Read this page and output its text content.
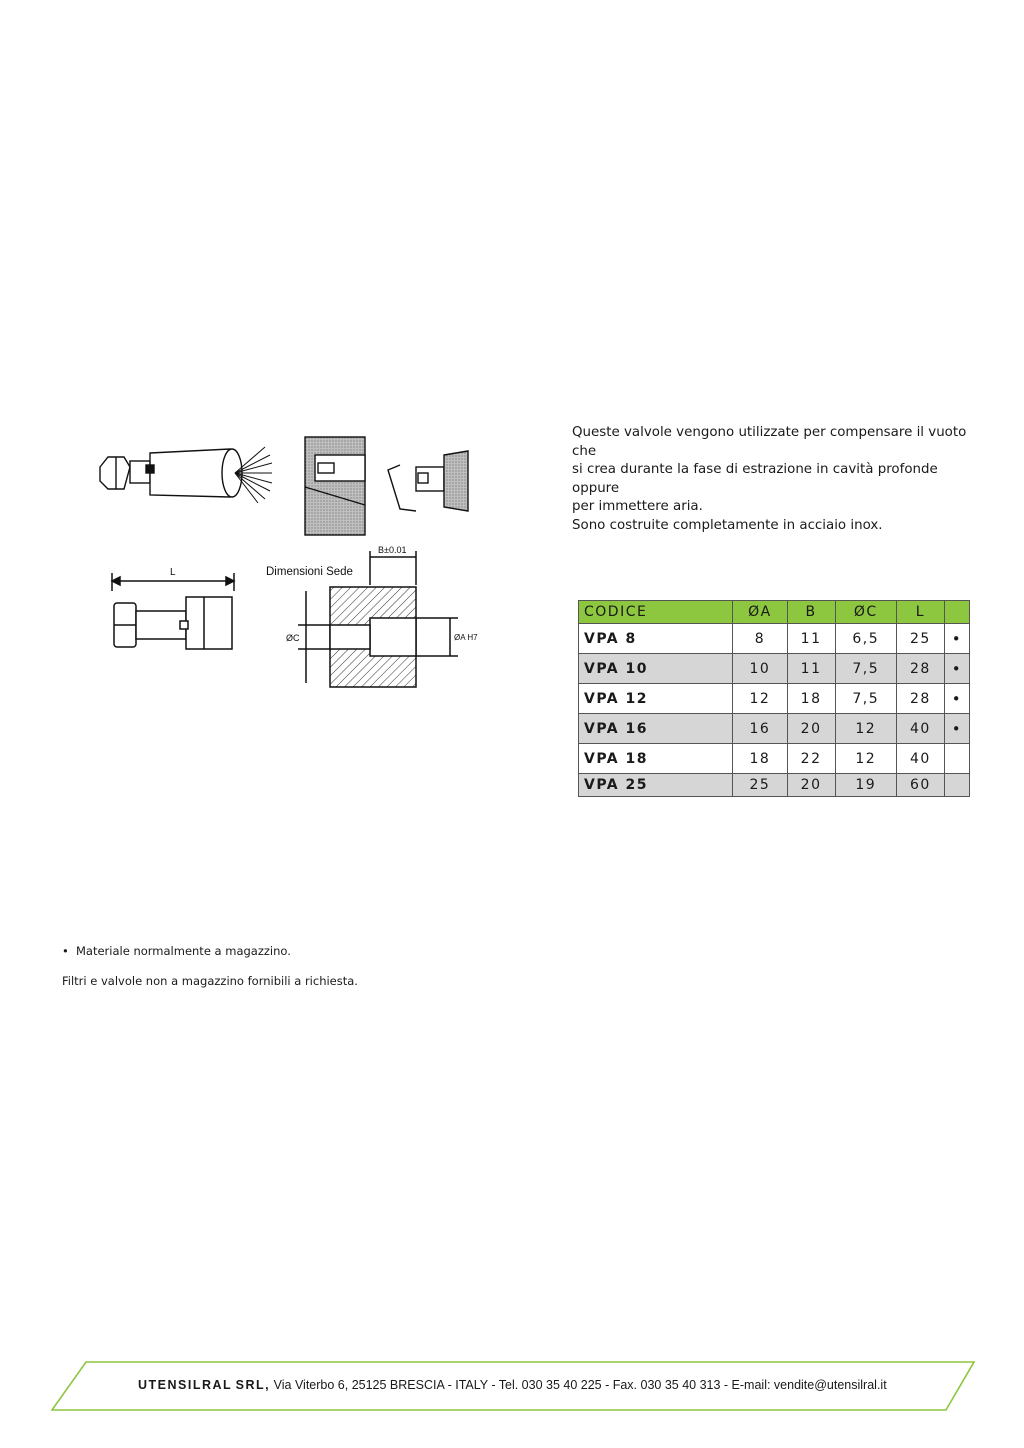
L	Dimensioni Sede
B±0.01
ØC	ØA H7

Queste valvole vengono utilizzate per compensare il vuoto che

si crea durante la fase di estrazione in cavità profonde oppure

per immettere aria.

Sono costruite completamente in acciaio inox.

CODICE	ØA	B	ØC	L	
VPA 8	8	11	6,5	25	•
VPA 10	10	11	7,5	28	•
VPA 12	12	18	7,5	28	•
VPA 16	16	20	12	40	•
VPA 18	18	22	12	40	
VPA 25	25	20	19	60	
• Materiale normalmente a magazzino.
Filtri e valvole non a magazzino fornibili a richiesta.
UTENSILRAL SRL, Via Viterbo 6, 25125 BRESCIA - ITALY - Tel. 030 35 40 225 - Fax. 030 35 40 313 - E-mail: vendite@utensilral.it
